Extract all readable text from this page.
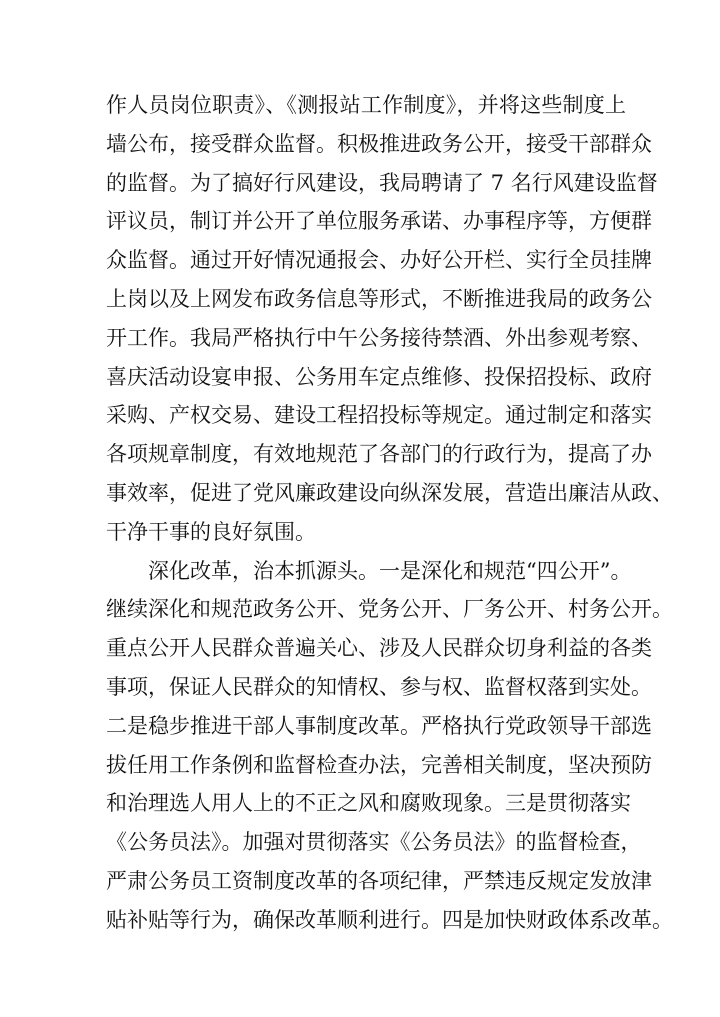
作人员岗位职责》、《测报站工作制度》，并将这些制度上
墙公布，接受群众监督。积极推进政务公开，接受干部群众
的监督。为了搞好行风建设，我局聘请了 7 名行风建设监督
评议员，制订并公开了单位服务承诺、办事程序等，方便群
众监督。通过开好情况通报会、办好公开栏、实行全员挂牌
上岗以及上网发布政务信息等形式，不断推进我局的政务公
开工作。我局严格执行中午公务接待禁酒、外出参观考察、
喜庆活动设宴申报、公务用车定点维修、投保招投标、政府
采购、产权交易、建设工程招投标等规定。通过制定和落实
各项规章制度，有效地规范了各部门的行政行为，提高了办
事效率，促进了党风廉政建设向纵深发展，营造出廉洁从政、
干净干事的良好氛围。
深化改革，治本抓源头。一是深化和规范“四公开”。
继续深化和规范政务公开、党务公开、厂务公开、村务公开。
重点公开人民群众普遍关心、涉及人民群众切身利益的各类
事项，保证人民群众的知情权、参与权、监督权落到实处。
二是稳步推进干部人事制度改革。严格执行党政领导干部选
拔任用工作条例和监督检查办法，完善相关制度，坚决预防
和治理选人用人上的不正之风和腐败现象。三是贯彻落实
《公务员法》。加强对贯彻落实《公务员法》的监督检查，
严肃公务员工资制度改革的各项纪律，严禁违反规定发放津
贴补贴等行为，确保改革顺利进行。四是加快财政体系改革。
